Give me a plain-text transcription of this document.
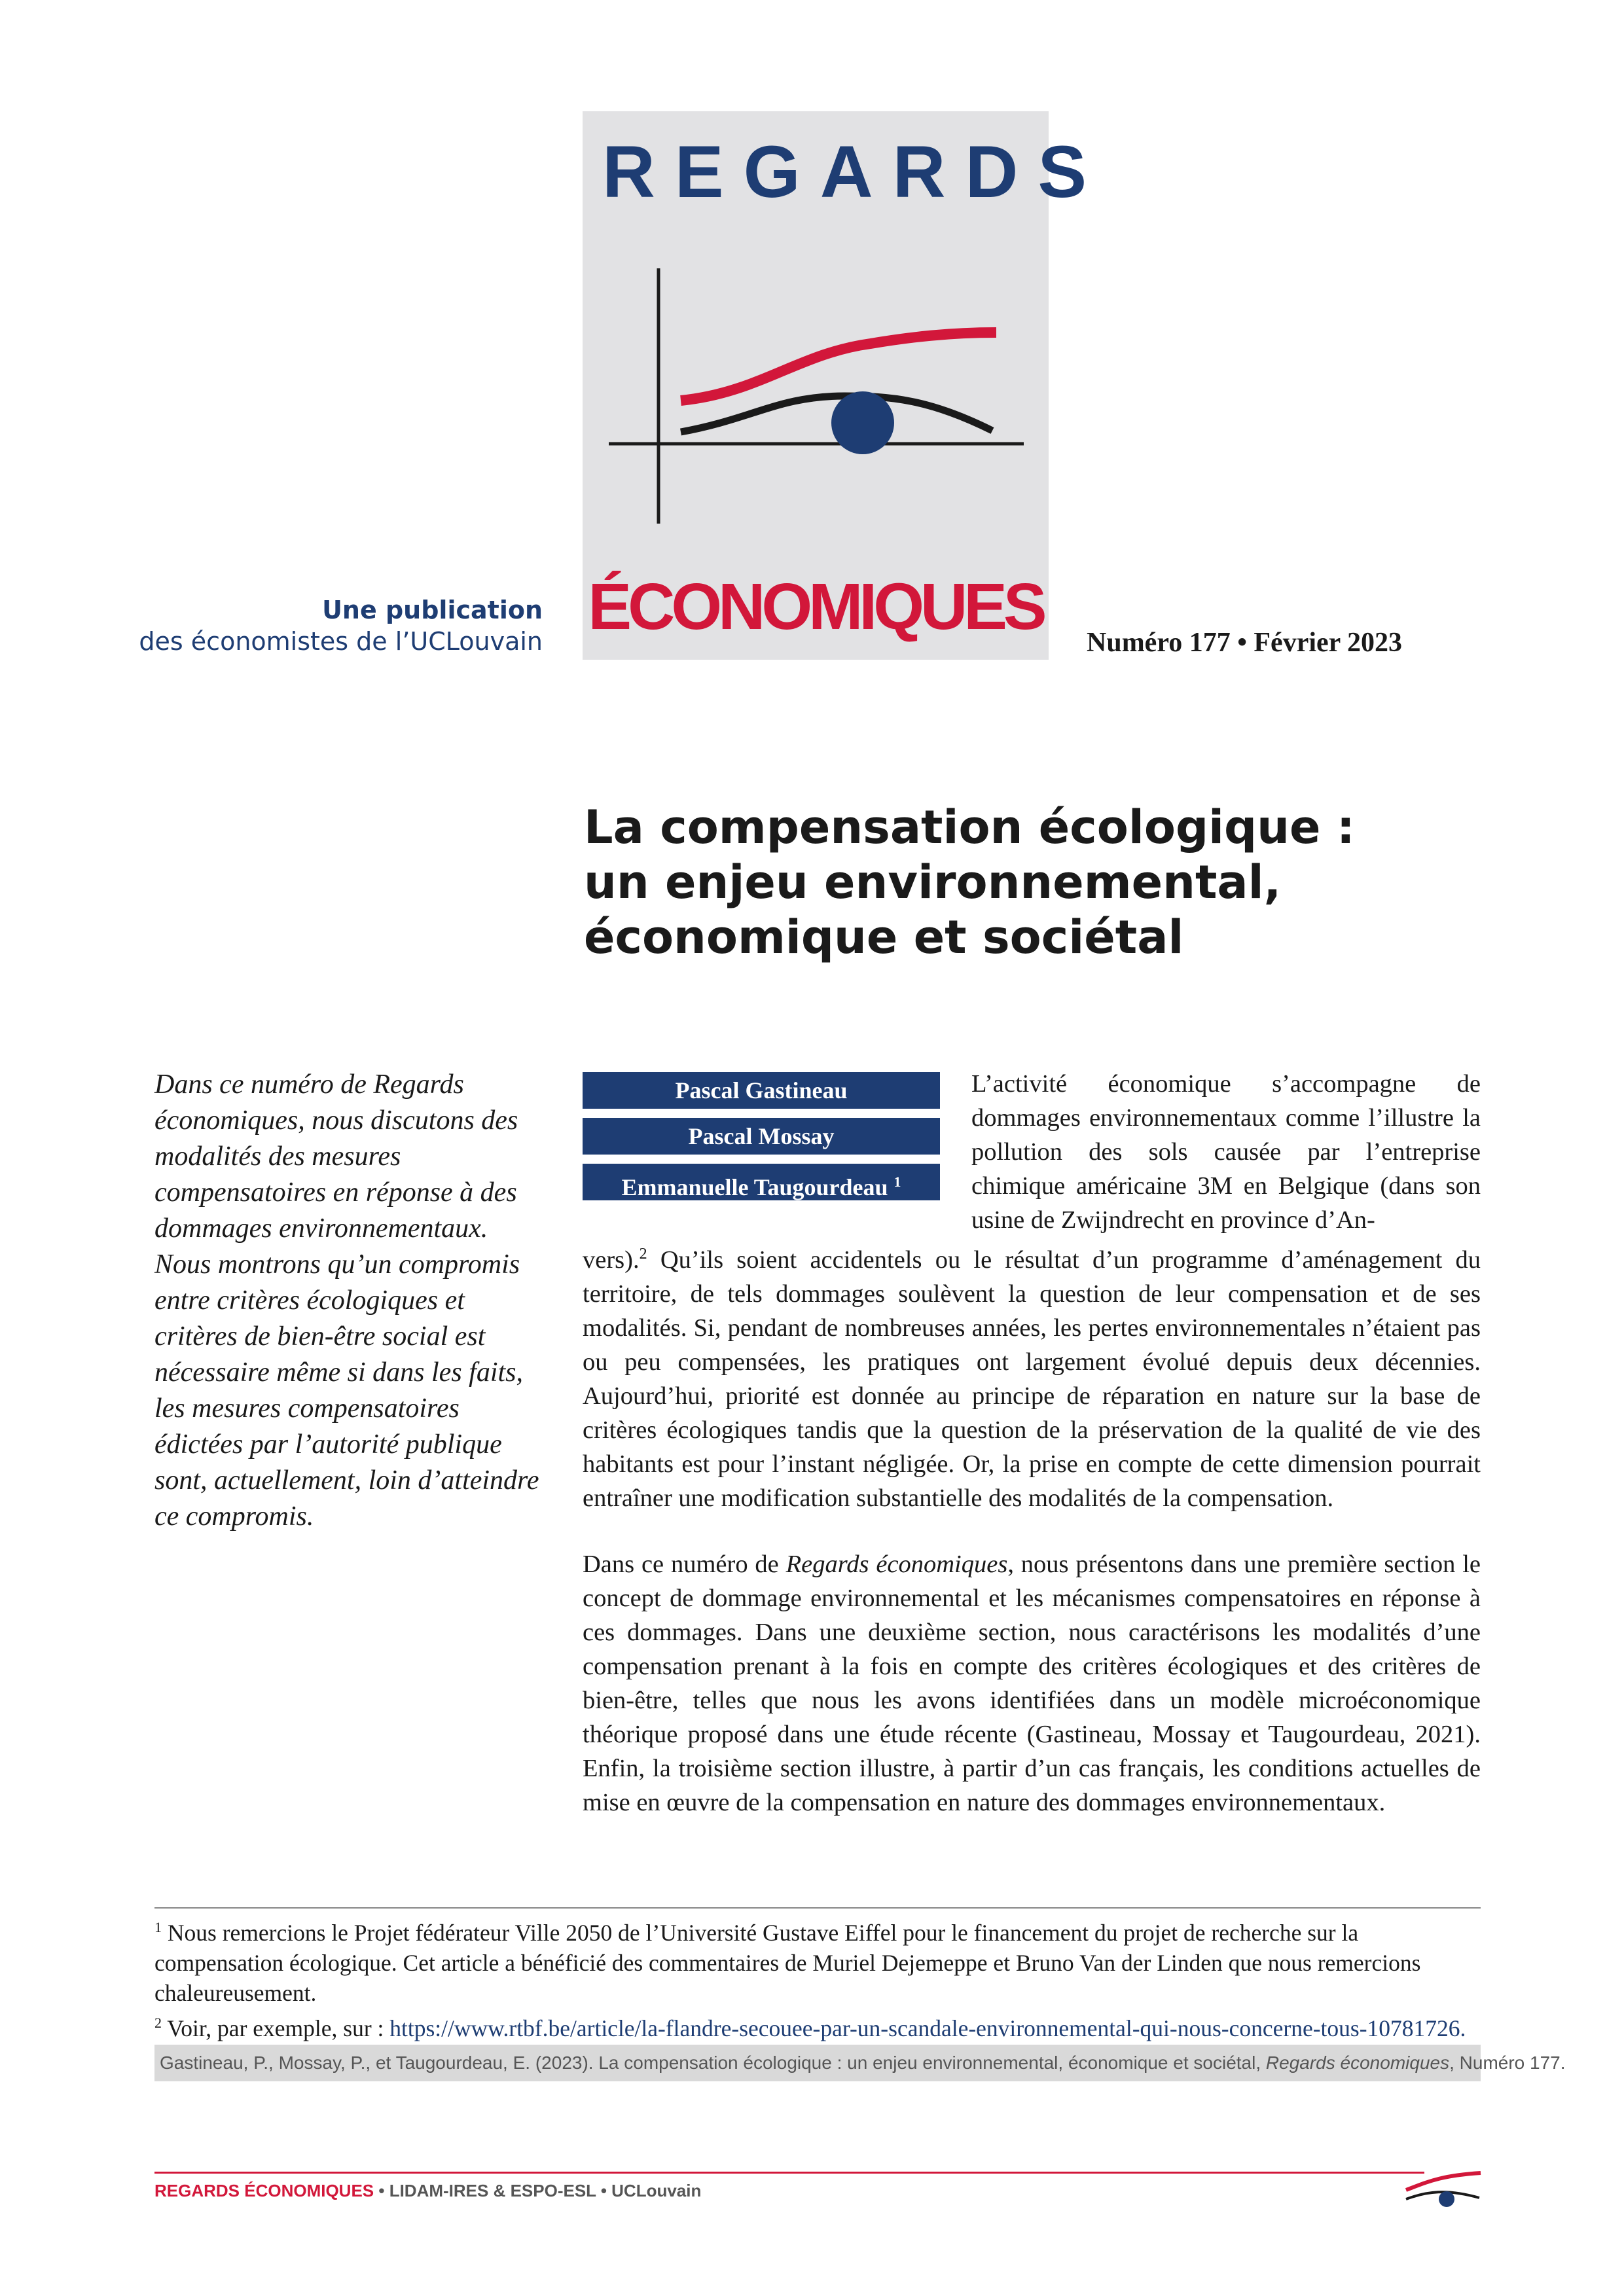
REGARDS
ÉCONOMIQUES
Une publication
des économistes de l’UCLouvain	Numéro 177 • Février 2023
La compensation écologique :
un enjeu environnemental,
économique et sociétal
Dans ce numéro de Regards économiques, nous discutons des modalités des mesures compensatoires en réponse à des dommages environnementaux. Nous montrons qu’un compromis entre critères écologiques et critères de bien-être social est nécessaire même si dans les faits, les mesures compensatoires édictées par l’autorité publique sont, actuellement, loin d’atteindre ce compromis.
Pascal Gastineau
Pascal Mossay
Emmanuelle Taugourdeau $^1$

L’activité économique s’accompagne de dommages environnementaux comme l’illustre la pollution des sols causée par l’entreprise chimique américaine 3M en Belgique (dans son usine de Zwijndrecht en province d’An-

vers).$^2$ Qu’ils soient accidentels ou le résultat d’un programme d’aménagement du territoire, de tels dommages soulèvent la question de leur compensation et de ses modalités. Si, pendant de nombreuses années, les pertes environnementales n’étaient pas ou peu compensées, les pratiques ont largement évolué depuis deux décennies. Aujourd’hui, priorité est donnée au principe de réparation en nature sur la base de critères écologiques tandis que la question de la préservation de la qualité de vie des habitants est pour l’instant négligée. Or, la prise en compte de cette dimension pourrait entraîner une modification substantielle des modalités de la compensation.

Dans ce numéro de Regards économiques, nous présentons dans une première section le concept de dommage environnemental et les mécanismes compensatoires en réponse à ces dommages. Dans une deuxième section, nous caractérisons les modalités d’une compensation prenant à la fois en compte des critères écologiques et des critères de bien-être, telles que nous les avons identifiées dans un modèle microéconomique théorique proposé dans une étude récente (Gastineau, Mossay et Taugourdeau, 2021). Enfin, la troisième section illustre, à partir d’un cas français, les conditions actuelles de mise en œuvre de la compensation en nature des dommages environnementaux.

$^1$ Nous remercions le Projet fédérateur Ville 2050 de l’Université Gustave Eiffel pour le financement du projet de recherche sur la compensation écologique. Cet article a bénéficié des commentaires de Muriel Dejemeppe et Bruno Van der Linden que nous remercions chaleureusement.

$^2$ Voir, par exemple, sur : https://www.rtbf.be/article/la-flandre-secouee-par-un-scandale-environnemental-qui-nous-concerne-tous-10781726.

Gastineau, P., Mossay, P., et Taugourdeau, E. (2023). La compensation écologique : un enjeu environnemental, économique et sociétal, Regards économiques, Numéro 177.
REGARDS ÉCONOMIQUES • LIDAM-IRES & ESPO-ESL • UCLouvain
